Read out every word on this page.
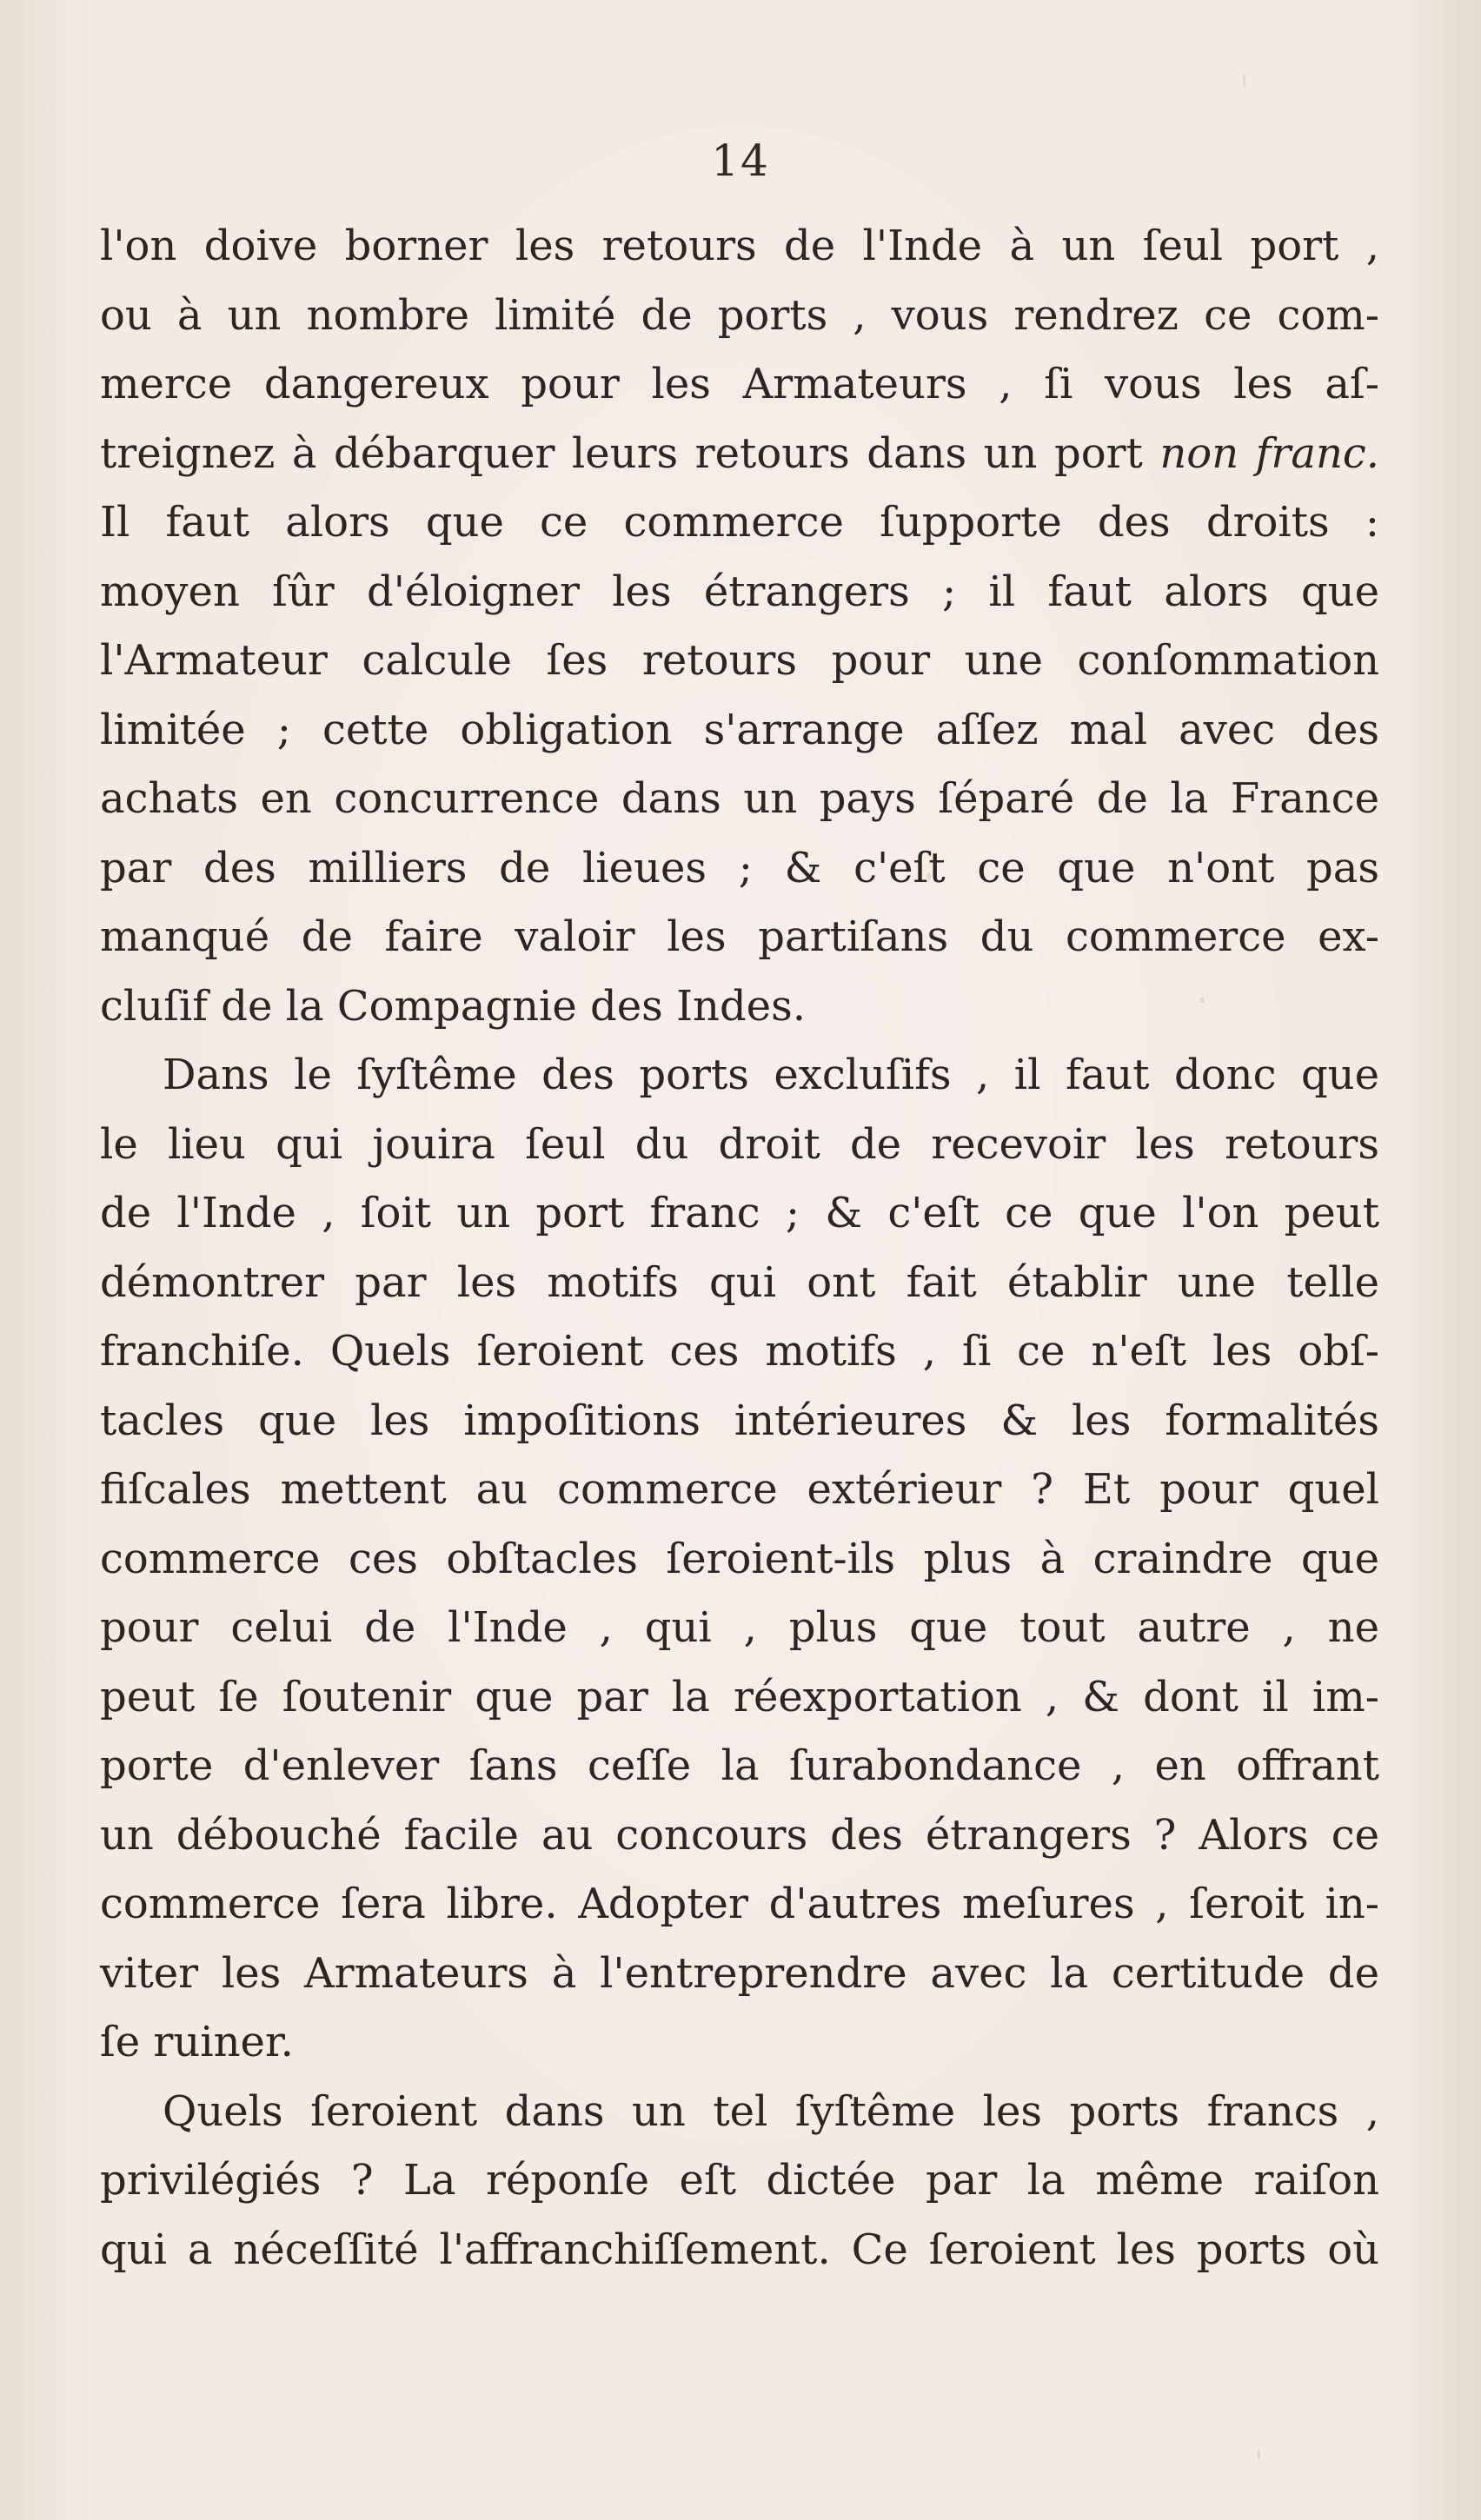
14
l'on doive borner les retours de l'Inde à un ſeul port ,
ou à un nombre limité de ports , vous rendrez ce com-
merce dangereux pour les Armateurs , ſi vous les aſ-
treignez à débarquer leurs retours dans un port non franc.
Il faut alors que ce commerce ſupporte des droits :
moyen ſûr d'éloigner les étrangers ; il faut alors que
l'Armateur calcule ſes retours pour une conſommation
limitée ; cette obligation s'arrange aſſez mal avec des
achats en concurrence dans un pays ſéparé de la France
par des milliers de lieues ; & c'eſt ce que n'ont pas
manqué de faire valoir les partiſans du commerce ex-
cluſif de la Compagnie des Indes.
Dans le ſyſtême des ports excluſifs , il faut donc que
le lieu qui jouira ſeul du droit de recevoir les retours
de l'Inde , ſoit un port franc ; & c'eſt ce que l'on peut
démontrer par les motifs qui ont fait établir une telle
franchiſe. Quels ſeroient ces motifs , ſi ce n'eſt les obſ-
tacles que les impoſitions intérieures & les formalités
fiſcales mettent au commerce extérieur ? Et pour quel
commerce ces obſtacles ſeroient-ils plus à craindre que
pour celui de l'Inde , qui , plus que tout autre , ne
peut ſe ſoutenir que par la réexportation , & dont il im-
porte d'enlever ſans ceſſe la ſurabondance , en offrant
un débouché facile au concours des étrangers ? Alors ce
commerce ſera libre. Adopter d'autres meſures , ſeroit in-
viter les Armateurs à l'entreprendre avec la certitude de
ſe ruiner.
Quels ſeroient dans un tel ſyſtême les ports francs ,
privilégiés ? La réponſe eſt dictée par la même raiſon
qui a néceſſité l'affranchiſſement. Ce ſeroient les ports où
